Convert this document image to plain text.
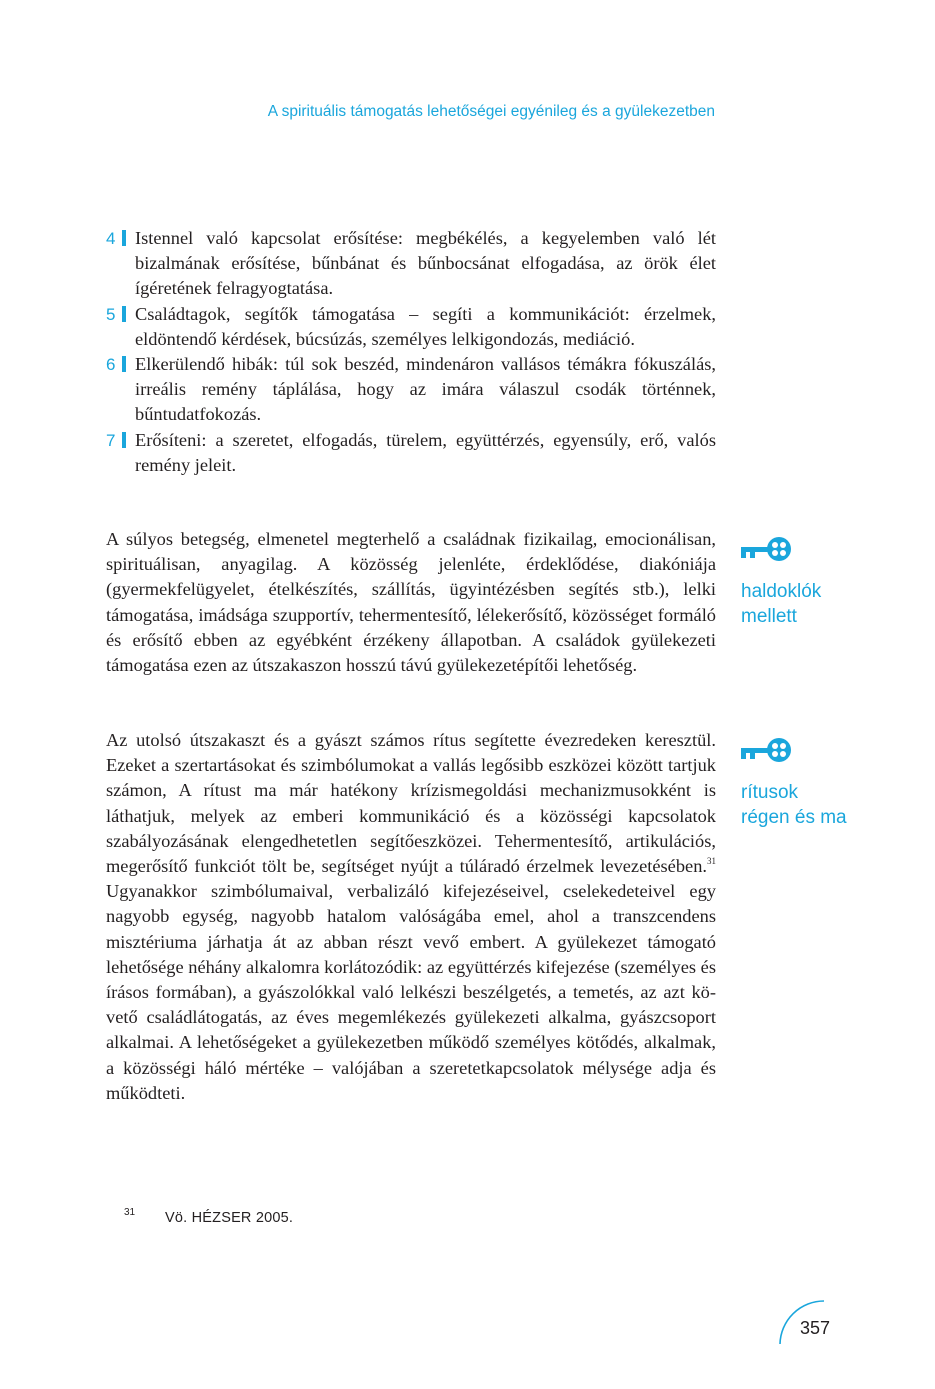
A spirituális támogatás lehetőségei egyénileg és a gyülekezetben
4 Istennel való kapcsolat erősítése: megbékélés, a kegyelemben való lét bizalmának erősítése, bűnbánat és bűnbocsánat elfogadása, az örök élet ígéretének felragyogtatása.
5 Családtagok, segítők támogatása – segíti a kommunikációt: érzelmek, eldöntendő kérdések, búcsúzás, személyes lelkigondozás, mediáció.
6 Elkerülendő hibák: túl sok beszéd, mindenáron vallásos témákra fókuszálás, irreális remény táplálása, hogy az imára válaszul csodák történnek, bűntudatfokozás.
7 Erősíteni: a szeretet, elfogadás, türelem, együttérzés, egyensúly, erő, valós remény jeleit.
A súlyos betegség, elmenetel megterhelő a családnak fizikailag, emocionálisan, spirituálisan, anyagilag. A közösség jelenléte, érdeklődése, diakóniája (gyermekfelügyelet, ételkészítés, szállítás, ügyintézésben segítés stb.), lelki támogatása, imádsága szupportív, tehermentesítő, lélekerősítő, közösséget formáló és erősítő ebben az egyébként érzékeny állapotban. A családok gyülekezeti támogatása ezen az útszakaszon hosszú távú gyülekezetépítői lehetőség.
Az utolsó útszakaszt és a gyászt számos rítus segítette évezredeken keresztül. Ezeket a szertartásokat és szimbólumokat a vallás legősibb eszközei között tartjuk számon, A rítust ma már hatékony krízismegoldási mechanizmusokként is láthatjuk, melyek az emberi kommunikáció és a közösségi kapcsolatok szabályozásának elengedhetetlen segítőeszközei. Tehermentesítő, artikulációs, megerősítő funkciót tölt be, segítséget nyújt a túláradó érzelmek levezetésében.$^{31}$ Ugyanakkor szimbólumaival, verbalizáló kifejezéseivel, cselekedeteivel egy nagyobb egység, nagyobb hatalom valóságába emel, ahol a transzcendens misztériuma járhatja át az abban részt vevő embert. A gyülekezet támogató lehetősége néhány alkalomra korlátozódik: az együttérzés kifejezése (személyes és írásos formában), a gyászolókkal való lelkészi beszélgetés, a temetés, az azt követő családlátogatás, az éves megemlékezés gyülekezeti alkalma, gyászcsoport alkalmai. A lehetőségeket a gyülekezetben működő személyes kötődés, alkalmak, a közösségi háló mértéke – valójában a szeretetkapcsolatok mélysége adja és működteti.
haldoklók
mellett
rítusok
régen és ma
$^{31}$ Vö. HÉZSER 2005.
357
